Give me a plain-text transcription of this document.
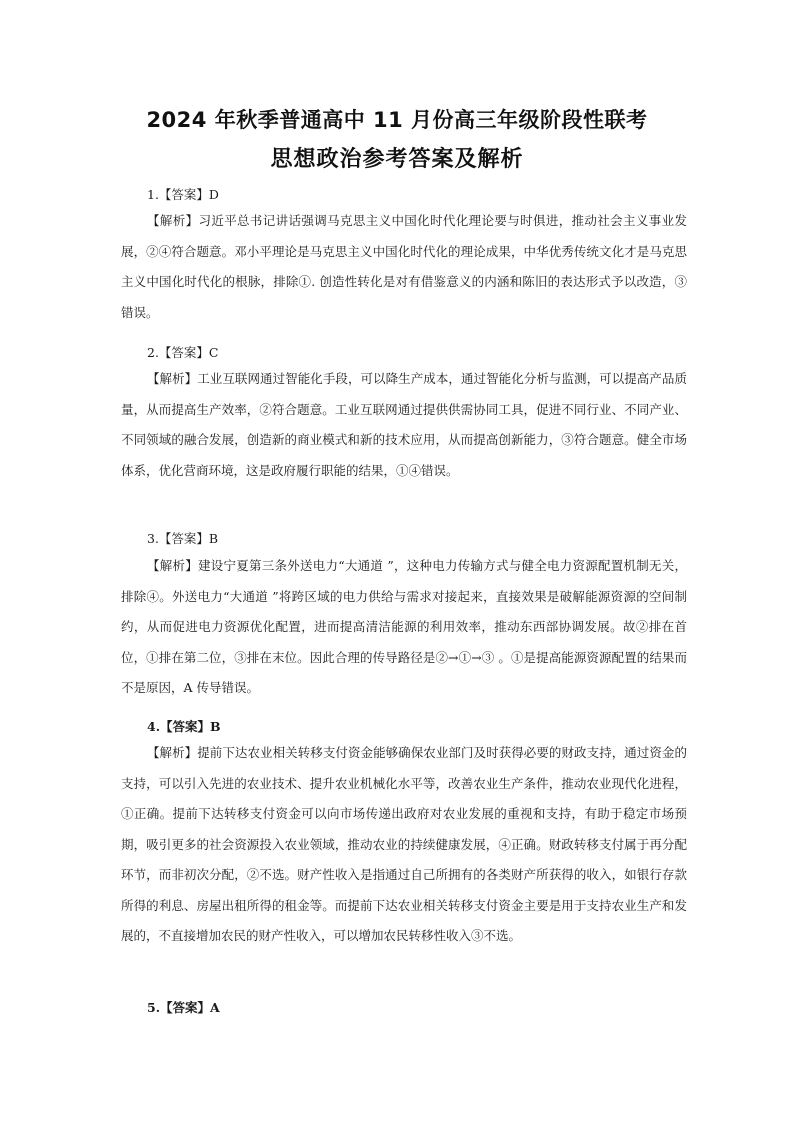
2024 年秋季普通高中 11 月份高三年级阶段性联考
思想政治参考答案及解析
1.【答案】D

【解析】习近平总书记讲话强调马克思主义中国化时代化理论要与时俱进，推动社会主义事业发展，②④符合题意。邓小平理论是马克思主义中国化时代化的理论成果，中华优秀传统文化才是马克思主义中国化时代化的根脉，排除①. 创造性转化是对有借鉴意义的内涵和陈旧的表达形式予以改造，③错误。

2.【答案】C

【解析】工业互联网通过智能化手段，可以降生产成本，通过智能化分析与监测，可以提高产品质量，从而提高生产效率，②符合题意。工业互联网通过提供供需协同工具，促进不同行业、不同产业、不同领域的融合发展，创造新的商业模式和新的技术应用，从而提高创新能力，③符合题意。健全市场体系，优化营商环境，这是政府履行职能的结果，①④错误。

3.【答案】B

【解析】建设宁夏第三条外送电力“大通道 ”，这种电力传输方式与健全电力资源配置机制无关，排除④。外送电力“大通道 ”将跨区域的电力供给与需求对接起来，直接效果是破解能源资源的空间制约，从而促进电力资源优化配置，进而提高清洁能源的利用效率，推动东西部协调发展。故②排在首位，①排在第二位，③排在末位。因此合理的传导路径是②→①→③ 。①是提高能源资源配置的结果而不是原因，A 传导错误。

4.【答案】B

【解析】提前下达农业相关转移支付资金能够确保农业部门及时获得必要的财政支持，通过资金的支持，可以引入先进的农业技术、提升农业机械化水平等，改善农业生产条件，推动农业现代化进程，①正确。提前下达转移支付资金可以向市场传递出政府对农业发展的重视和支持，有助于稳定市场预期，吸引更多的社会资源投入农业领域，推动农业的持续健康发展，④正确。财政转移支付属于再分配环节，而非初次分配，②不选。财产性收入是指通过自己所拥有的各类财产所获得的收入，如银行存款所得的利息、房屋出租所得的租金等。而提前下达农业相关转移支付资金主要是用于支持农业生产和发展的，不直接增加农民的财产性收入，可以增加农民转移性收入③不选。

5.【答案】A
